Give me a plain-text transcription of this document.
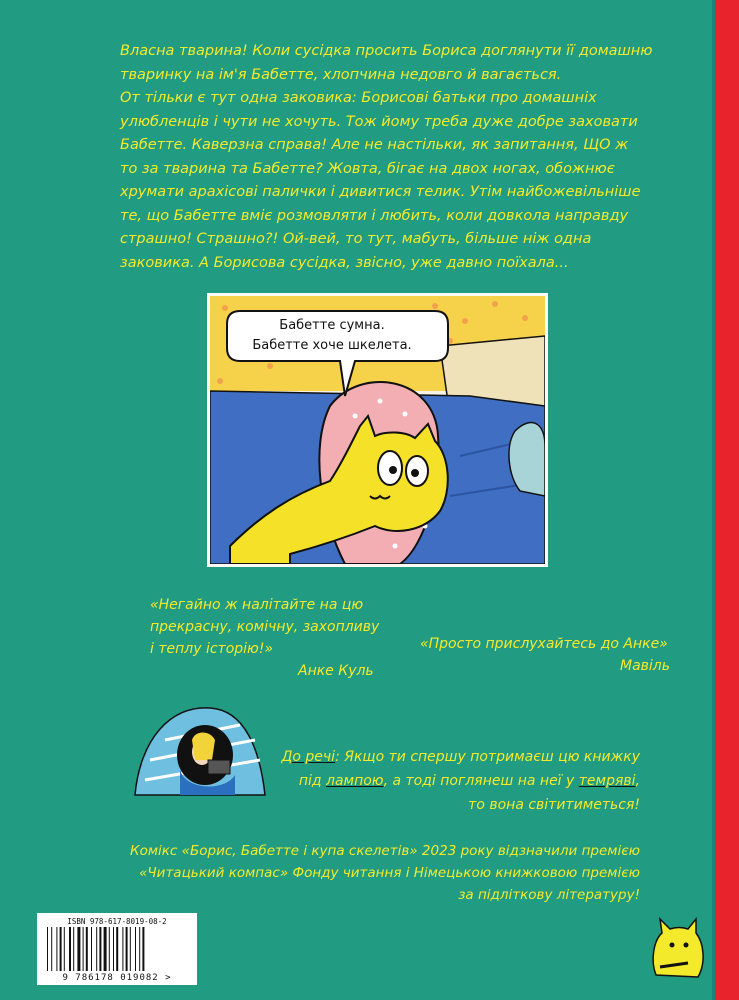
Власна тварина! Коли сусідка просить Бориса доглянути її домашню

тваринку на ім'я Бабетте, хлопчина недовго й вагається.

От тільки є тут одна заковика: Борисові батьки про домашніх

улюбленців і чути не хочуть. Тож йому треба дуже добре заховати

Бабетте. Каверзна справа! Але не настільки, як запитання, ЩО ж

то за тварина та Бабетте? Жовта, бігає на двох ногах, обожнює

хрумати арахісові палички і дивитися телик. Утім найбожевільніше

те, що Бабетте вміє розмовляти і любить, коли довкола направду

страшно! Страшно?! Ой-вей, то тут, мабуть, більше ніж одна

заковика. А Борисова сусідка, звісно, уже давно поїхала...

Бабетте сумна.
Бабетте хоче шкелета.
«Негайно ж налітайте на цю
прекрасну, комічну, захопливу
і теплу історію!»
Анке Куль
«Просто прислухайтесь до Анке»
Мавіль
До речі: Якщо ти спершу потримаєш цю книжку
під лампою, а тоді поглянеш на неї у темряві,
то вона світитиметься!
Комікс «Борис, Бабетте і купа скелетів» 2023 року відзначили премією
«Читацький компас» Фонду читання і Німецькою книжковою премією
за підліткову літературу!
ISBN 978-617-8019-08-2
9 786178 019082 >
